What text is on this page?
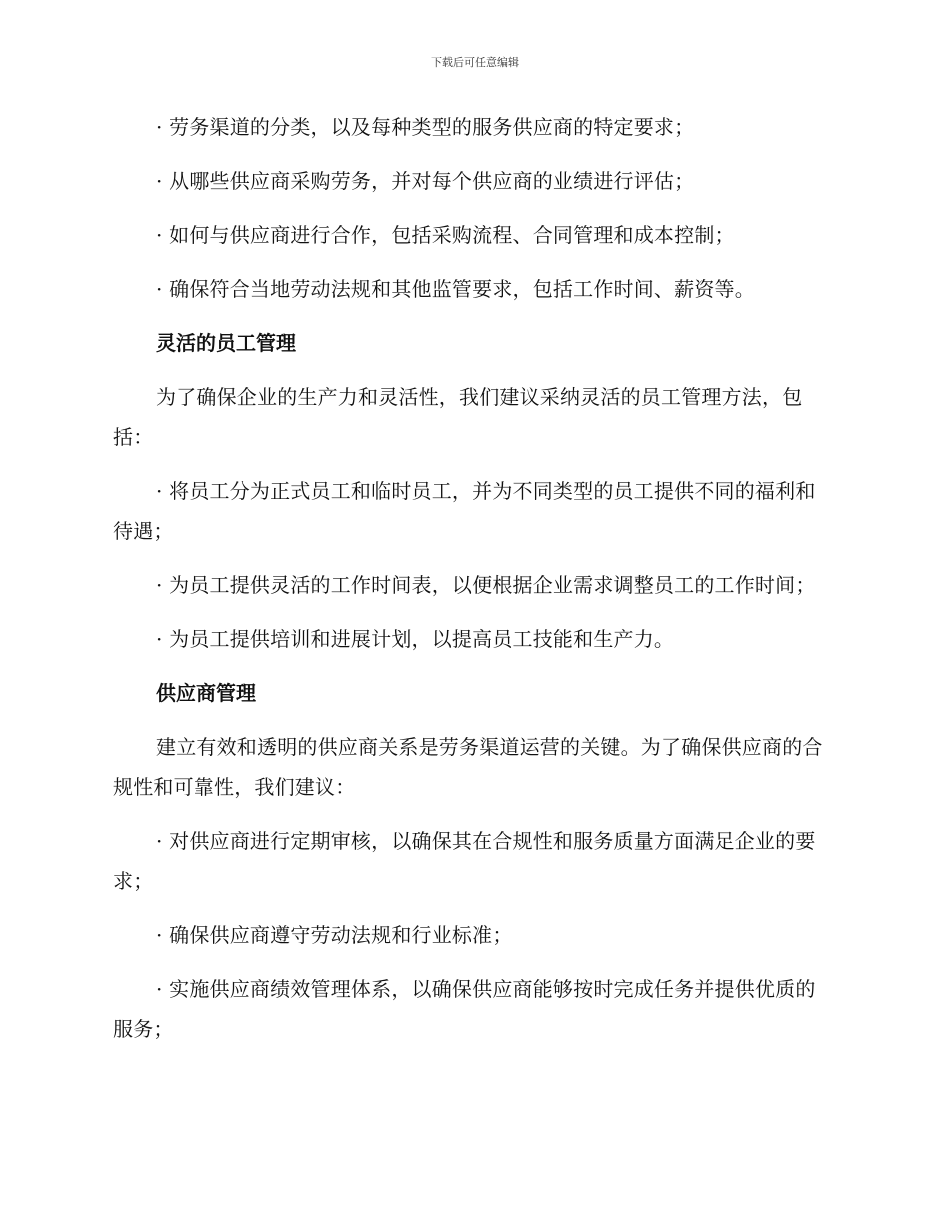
下载后可任意编辑

· 劳务渠道的分类，以及每种类型的服务供应商的特定要求；

· 从哪些供应商采购劳务，并对每个供应商的业绩进行评估；

· 如何与供应商进行合作，包括采购流程、合同管理和成本控制；

· 确保符合当地劳动法规和其他监管要求，包括工作时间、薪资等。

灵活的员工管理

为了确保企业的生产力和灵活性，我们建议采纳灵活的员工管理方法，包括：

· 将员工分为正式员工和临时员工，并为不同类型的员工提供不同的福利和待遇；

· 为员工提供灵活的工作时间表，以便根据企业需求调整员工的工作时间；

· 为员工提供培训和进展计划，以提高员工技能和生产力。

供应商管理

建立有效和透明的供应商关系是劳务渠道运营的关键。为了确保供应商的合规性和可靠性，我们建议：

· 对供应商进行定期审核，以确保其在合规性和服务质量方面满足企业的要求；

· 确保供应商遵守劳动法规和行业标准；

· 实施供应商绩效管理体系，以确保供应商能够按时完成任务并提供优质的服务；
